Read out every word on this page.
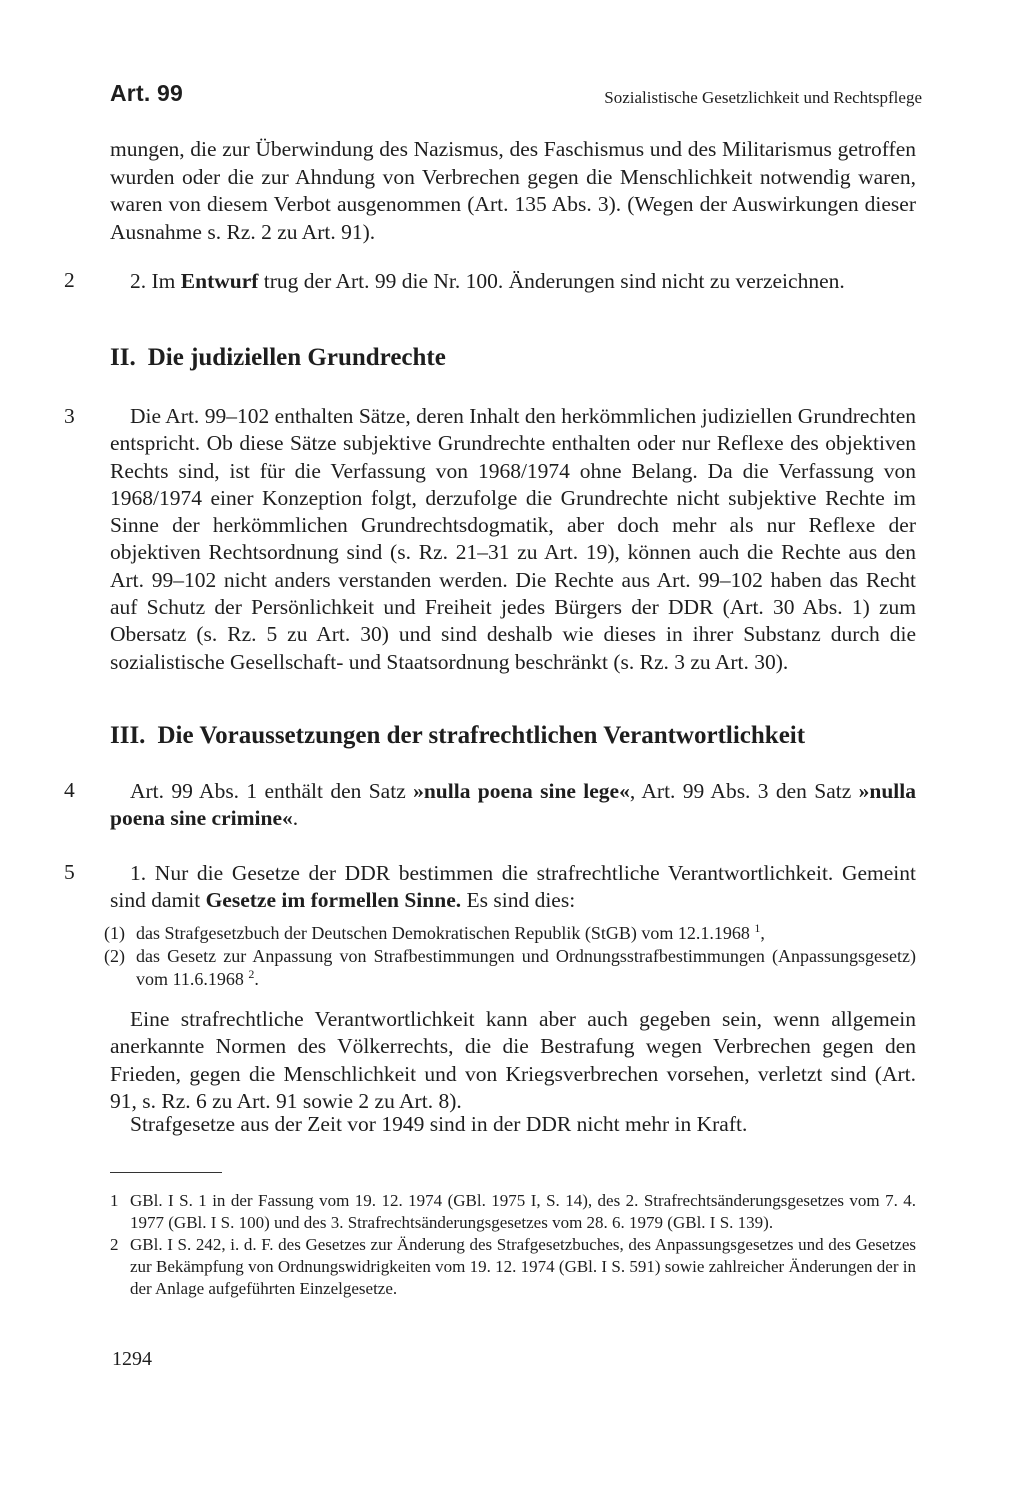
Art. 99	Sozialistische Gesetzlichkeit und Rechtspflege
mungen, die zur Überwindung des Nazismus, des Faschismus und des Militarismus getroffen wurden oder die zur Ahndung von Verbrechen gegen die Menschlichkeit notwendig waren, waren von diesem Verbot ausgenommen (Art. 135 Abs. 3). (Wegen der Auswirkungen dieser Ausnahme s. Rz. 2 zu Art. 91).
2	2. Im Entwurf trug der Art. 99 die Nr. 100. Änderungen sind nicht zu verzeichnen.
II. Die judiziellen Grundrechte
3	Die Art. 99–102 enthalten Sätze, deren Inhalt den herkömmlichen judiziellen Grundrechten entspricht. Ob diese Sätze subjektive Grundrechte enthalten oder nur Reflexe des objektiven Rechts sind, ist für die Verfassung von 1968/1974 ohne Belang. Da die Verfassung von 1968/1974 einer Konzeption folgt, derzufolge die Grundrechte nicht subjektive Rechte im Sinne der herkömmlichen Grundrechtsdogmatik, aber doch mehr als nur Reflexe der objektiven Rechtsordnung sind (s. Rz. 21–31 zu Art. 19), können auch die Rechte aus den Art. 99–102 nicht anders verstanden werden. Die Rechte aus Art. 99–102 haben das Recht auf Schutz der Persönlichkeit und Freiheit jedes Bürgers der DDR (Art. 30 Abs. 1) zum Obersatz (s. Rz. 5 zu Art. 30) und sind deshalb wie dieses in ihrer Substanz durch die sozialistische Gesellschaft- und Staatsordnung beschränkt (s. Rz. 3 zu Art. 30).
III. Die Voraussetzungen der strafrechtlichen Verantwortlichkeit
4	Art. 99 Abs. 1 enthält den Satz »nulla poena sine lege«, Art. 99 Abs. 3 den Satz »nulla poena sine crimine«.
5	1. Nur die Gesetze der DDR bestimmen die strafrechtliche Verantwortlichkeit. Gemeint sind damit Gesetze im formellen Sinne. Es sind dies:
(1) das Strafgesetzbuch der Deutschen Demokratischen Republik (StGB) vom 12.1.1968 $^1$,
(2) das Gesetz zur Anpassung von Strafbestimmungen und Ordnungsstrafbestimmungen (Anpassungsgesetz) vom 11.6.1968 $^2$.
Eine strafrechtliche Verantwortlichkeit kann aber auch gegeben sein, wenn allgemein anerkannte Normen des Völkerrechts, die die Bestrafung wegen Verbrechen gegen den Frieden, gegen die Menschlichkeit und von Kriegsverbrechen vorsehen, verletzt sind (Art. 91, s. Rz. 6 zu Art. 91 sowie 2 zu Art. 8).
Strafgesetze aus der Zeit vor 1949 sind in der DDR nicht mehr in Kraft.
1 GBl. I S. 1 in der Fassung vom 19. 12. 1974 (GBl. 1975 I, S. 14), des 2. Strafrechtsänderungsgesetzes vom 7. 4. 1977 (GBl. I S. 100) und des 3. Strafrechtsänderungsgesetzes vom 28. 6. 1979 (GBl. I S. 139).
2 GBl. I S. 242, i. d. F. des Gesetzes zur Änderung des Strafgesetzbuches, des Anpassungsgesetzes und des Gesetzes zur Bekämpfung von Ordnungswidrigkeiten vom 19. 12. 1974 (GBl. I S. 591) sowie zahlreicher Änderungen der in der Anlage aufgeführten Einzelgesetze.
1294
